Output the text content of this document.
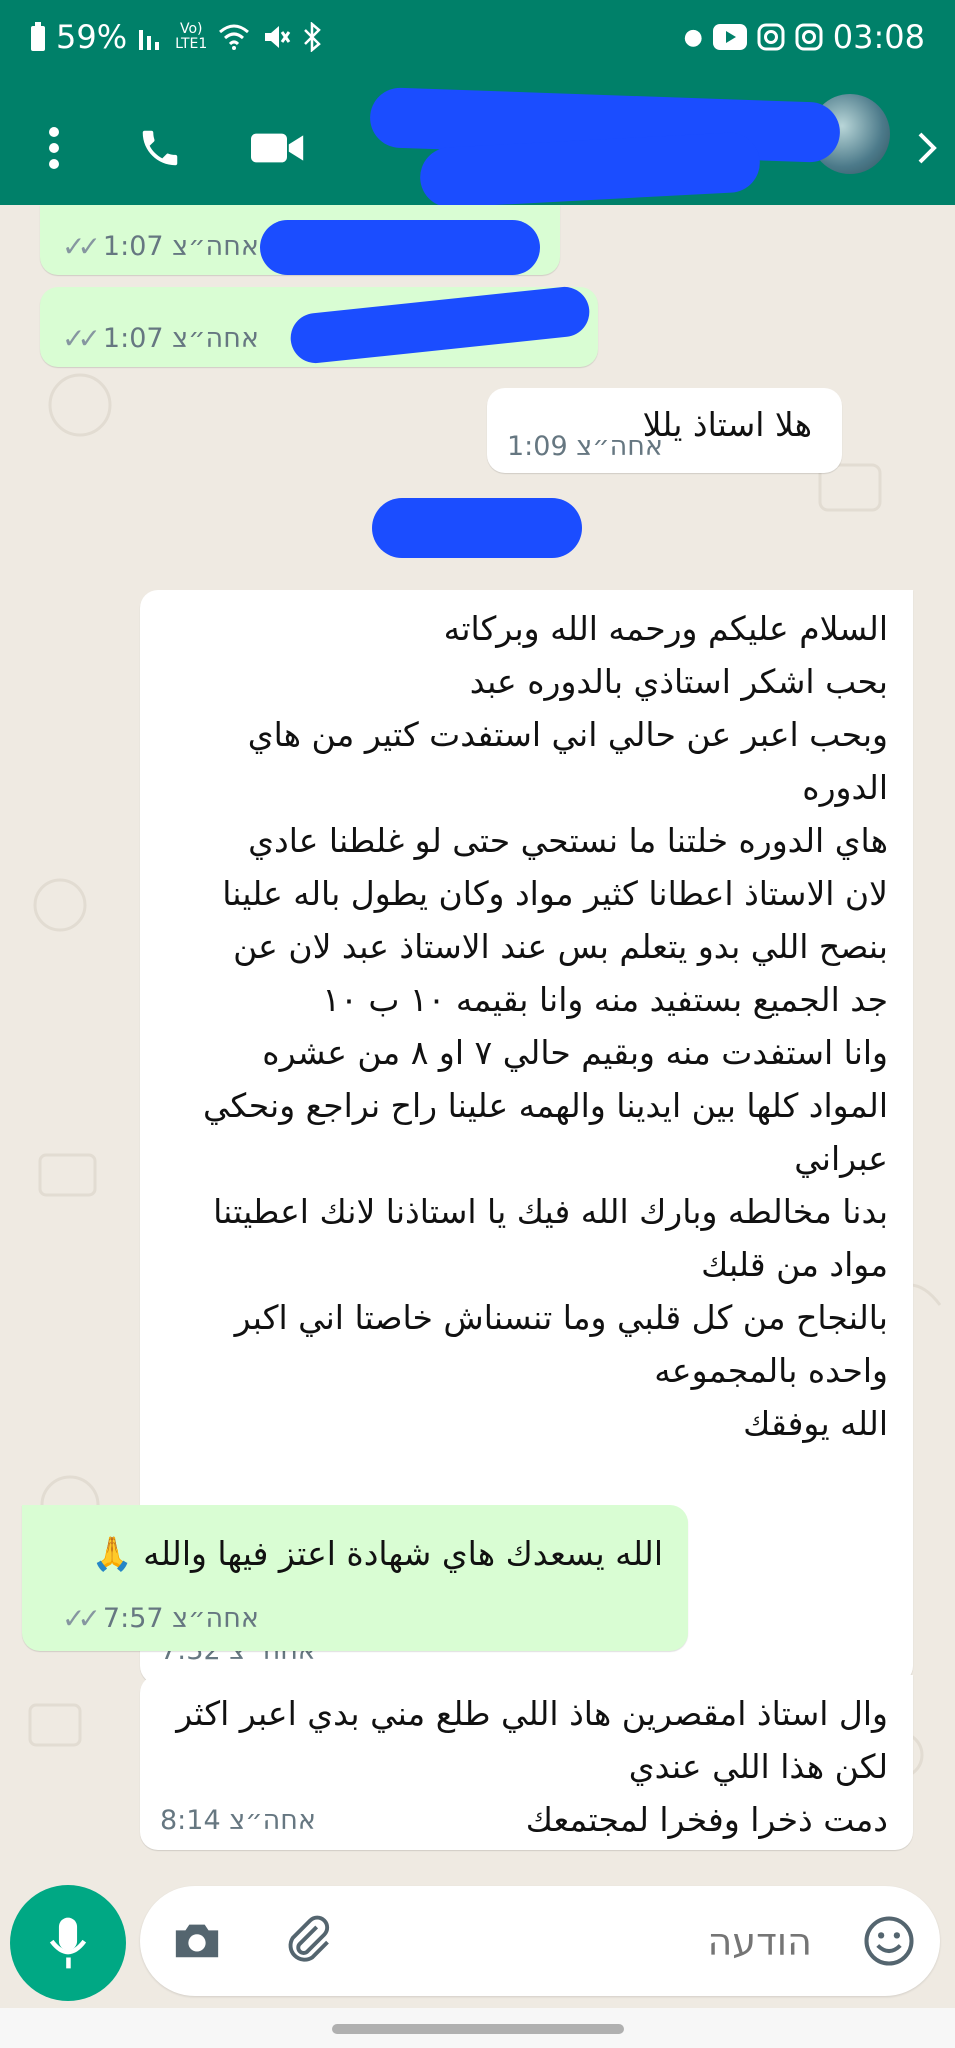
59%	Vo)
LTE1	●	03:08
✓✓ 1:07 אחה״צ
✓✓ 1:07 אחה״צ
هلا استاذ يللا
1:09 אחה״צ
السلام عليكم ورحمه الله وبركاته
بحب اشكر استاذي بالدوره عبد
وبحب اعبر عن حالي اني استفدت كتير من هاي الدوره
هاي الدوره خلتنا ما نستحي حتى لو غلطنا عادي
لان الاستاذ اعطانا كثير مواد وكان يطول باله علينا
بنصح اللي بدو يتعلم بس عند الاستاذ عبد لان عن
جد الجميع بستفيد منه وانا بقيمه ١٠ ب ١٠
وانا استفدت منه وبقيم حالي ٧ او ٨ من عشره
المواد كلها بين ايدينا والهمه علينا راح نراجع ونحكي عبراني
بدنا مخالطه وبارك الله فيك يا استاذنا لانك اعطيتنا مواد من قلبك
بالنجاح من كل قلبي وما تنسناش خاصتا اني اكبر واحده بالمجموعه
الله يوفقك
الله يسعدك هاي شهادة اعتز فيها والله 🙏
✓✓ 7:57 אחה״צ
وال استاذ امقصرين هاذ اللي طلع مني بدي اعبر اكثر لكن هذا اللي عندي
دمت ذخرا وفخرا لمجتمعك
8:14 אחה״צ
הודעה
